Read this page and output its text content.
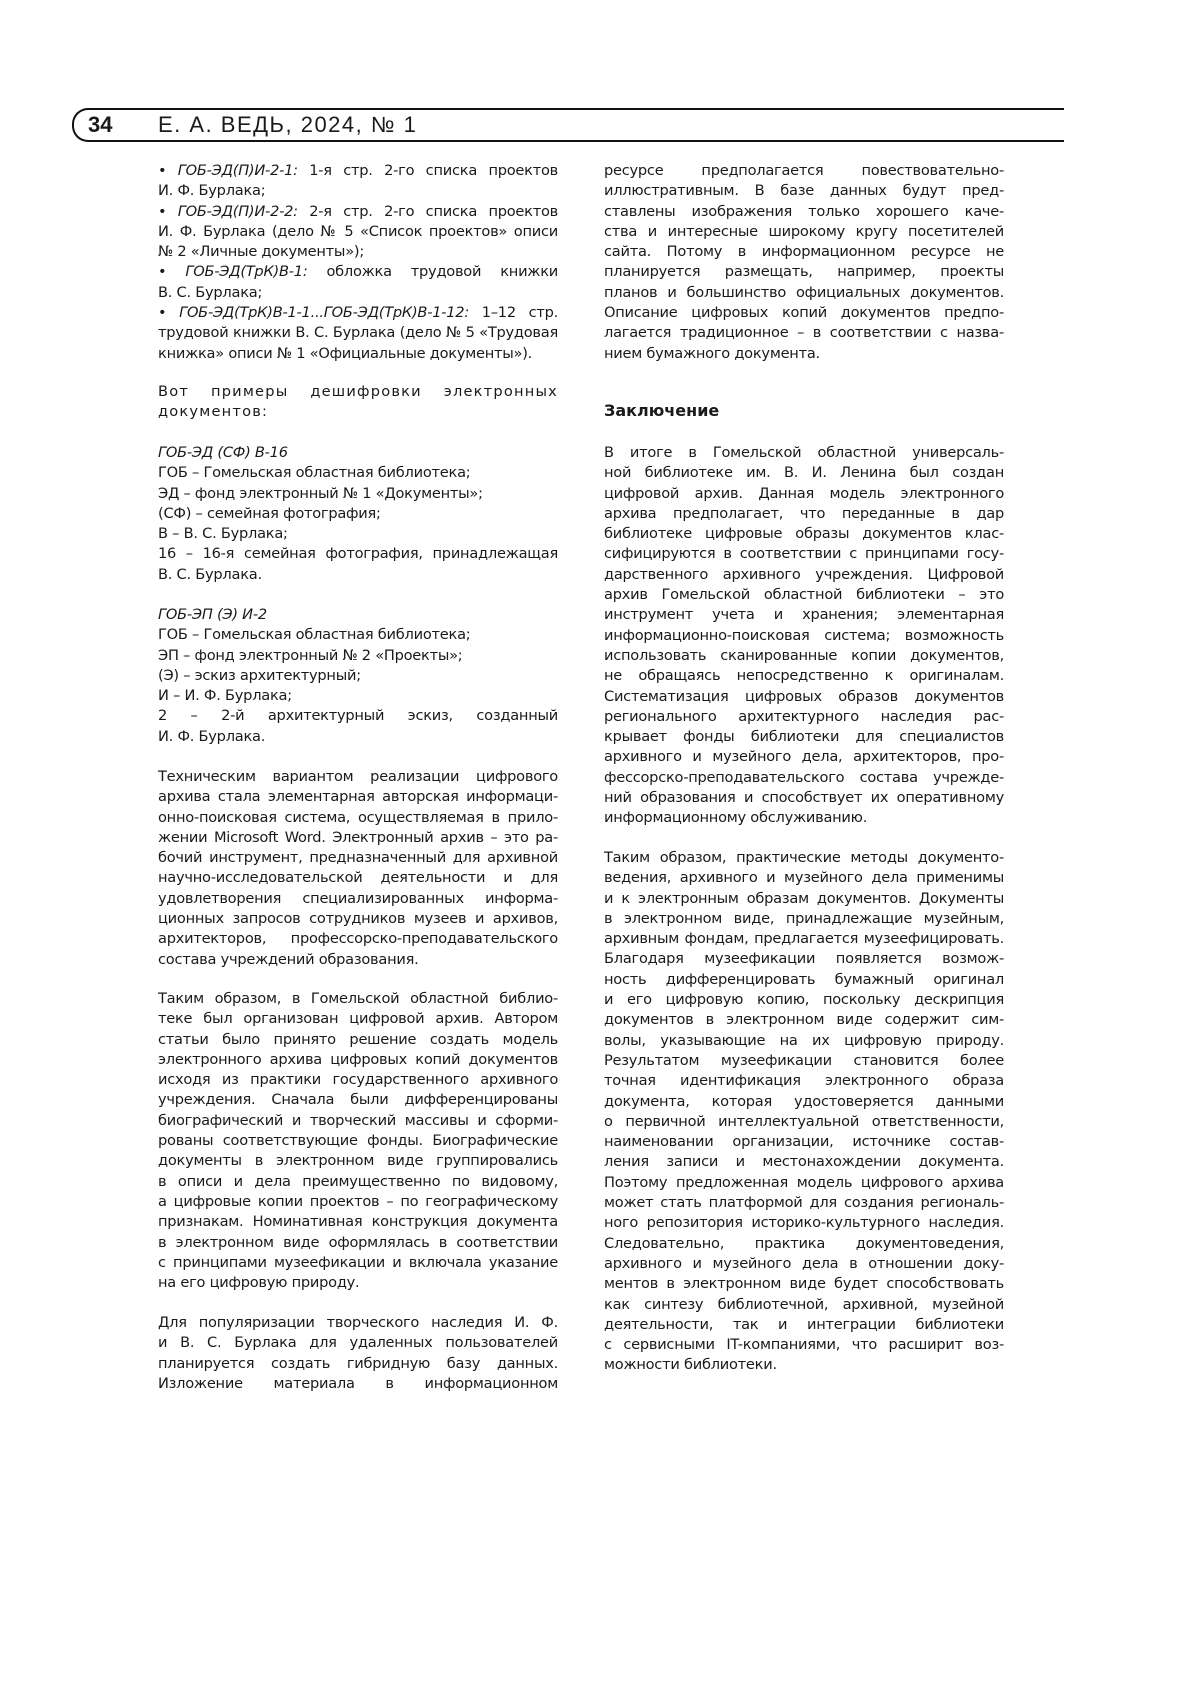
34 Е. А. ВЕДЬ, 2024, № 1
• ГОБ-ЭД(П)И-2-1: 1-я стр. 2-го списка проектов
И. Ф. Бурлака;
• ГОБ-ЭД(П)И-2-2: 2-я стр. 2-го списка проектов
И. Ф. Бурлака (дело № 5 «Список проектов» описи
№ 2 «Личные документы»);
• ГОБ-ЭД(ТрК)В-1: обложка трудовой книжки
В. С. Бурлака;
• ГОБ-ЭД(ТрК)В-1-1...ГОБ-ЭД(ТрК)В-1-12: 1–12 стр.
трудовой книжки В. С. Бурлака (дело № 5 «Трудовая
книжка» описи № 1 «Официальные документы»).
Вот примеры дешифровки электронных
документов:
ГОБ-ЭД (СФ) В-16
ГОБ – Гомельская областная библиотека;
ЭД – фонд электронный № 1 «Документы»;
(СФ) – семейная фотография;
В – В. С. Бурлака;
16 – 16-я семейная фотография, принадлежащая
В. С. Бурлака.
ГОБ-ЭП (Э) И-2
ГОБ – Гомельская областная библиотека;
ЭП – фонд электронный № 2 «Проекты»;
(Э) – эскиз архитектурный;
И – И. Ф. Бурлака;
2 – 2-й архитектурный эскиз, созданный
И. Ф. Бурлака.
Техническим вариантом реализации цифрового
архива стала элементарная авторская информаци-
онно-поисковая система, осуществляемая в прило-
жении Microsoft Word. Электронный архив – это ра-
бочий инструмент, предназначенный для архивной
научно-исследовательской деятельности и для
удовлетворения специализированных информа-
ционных запросов сотрудников музеев и архивов,
архитекторов, профессорско-преподавательского
состава учреждений образования.
Таким образом, в Гомельской областной библио-
теке был организован цифровой архив. Автором
статьи было принято решение создать модель
электронного архива цифровых копий документов
исходя из практики государственного архивного
учреждения. Сначала были дифференцированы
биографический и творческий массивы и сформи-
рованы соответствующие фонды. Биографические
документы в электронном виде группировались
в описи и дела преимущественно по видовому,
а цифровые копии проектов – по географическому
признакам. Номинативная конструкция документа
в электронном виде оформлялась в соответствии
с принципами музеефикации и включала указание
на его цифровую природу.
Для популяризации творческого наследия И. Ф.
и В. С. Бурлака для удаленных пользователей
планируется создать гибридную базу данных.
Изложение материала в информационном
ресурсе предполагается повествовательно-
иллюстративным. В базе данных будут пред-
ставлены изображения только хорошего каче-
ства и интересные широкому кругу посетителей
сайта. Потому в информационном ресурсе не
планируется размещать, например, проекты
планов и большинство официальных документов.
Описание цифровых копий документов предпо-
лагается традиционное – в соответствии с назва-
нием бумажного документа.
Заключение
В итоге в Гомельской областной универсаль-
ной библиотеке им. В. И. Ленина был создан
цифровой архив. Данная модель электронного
архива предполагает, что переданные в дар
библиотеке цифровые образы документов клас-
сифицируются в соответствии с принципами госу-
дарственного архивного учреждения. Цифровой
архив Гомельской областной библиотеки – это
инструмент учета и хранения; элементарная
информационно-поисковая система; возможность
использовать сканированные копии документов,
не обращаясь непосредственно к оригиналам.
Систематизация цифровых образов документов
регионального архитектурного наследия рас-
крывает фонды библиотеки для специалистов
архивного и музейного дела, архитекторов, про-
фессорско-преподавательского состава учрежде-
ний образования и способствует их оперативному
информационному обслуживанию.
Таким образом, практические методы документо-
ведения, архивного и музейного дела применимы
и к электронным образам документов. Документы
в электронном виде, принадлежащие музейным,
архивным фондам, предлагается музеефицировать.
Благодаря музеефикации появляется возмож-
ность дифференцировать бумажный оригинал
и его цифровую копию, поскольку дескрипция
документов в электронном виде содержит сим-
волы, указывающие на их цифровую природу.
Результатом музеефикации становится более
точная идентификация электронного образа
документа, которая удостоверяется данными
о первичной интеллектуальной ответственности,
наименовании организации, источнике состав-
ления записи и местонахождении документа.
Поэтому предложенная модель цифрового архива
может стать платформой для создания региональ-
ного репозитория историко-культурного наследия.
Следовательно, практика документоведения,
архивного и музейного дела в отношении доку-
ментов в электронном виде будет способствовать
как синтезу библиотечной, архивной, музейной
деятельности, так и интеграции библиотеки
с сервисными IT-компаниями, что расширит воз-
можности библиотеки.
